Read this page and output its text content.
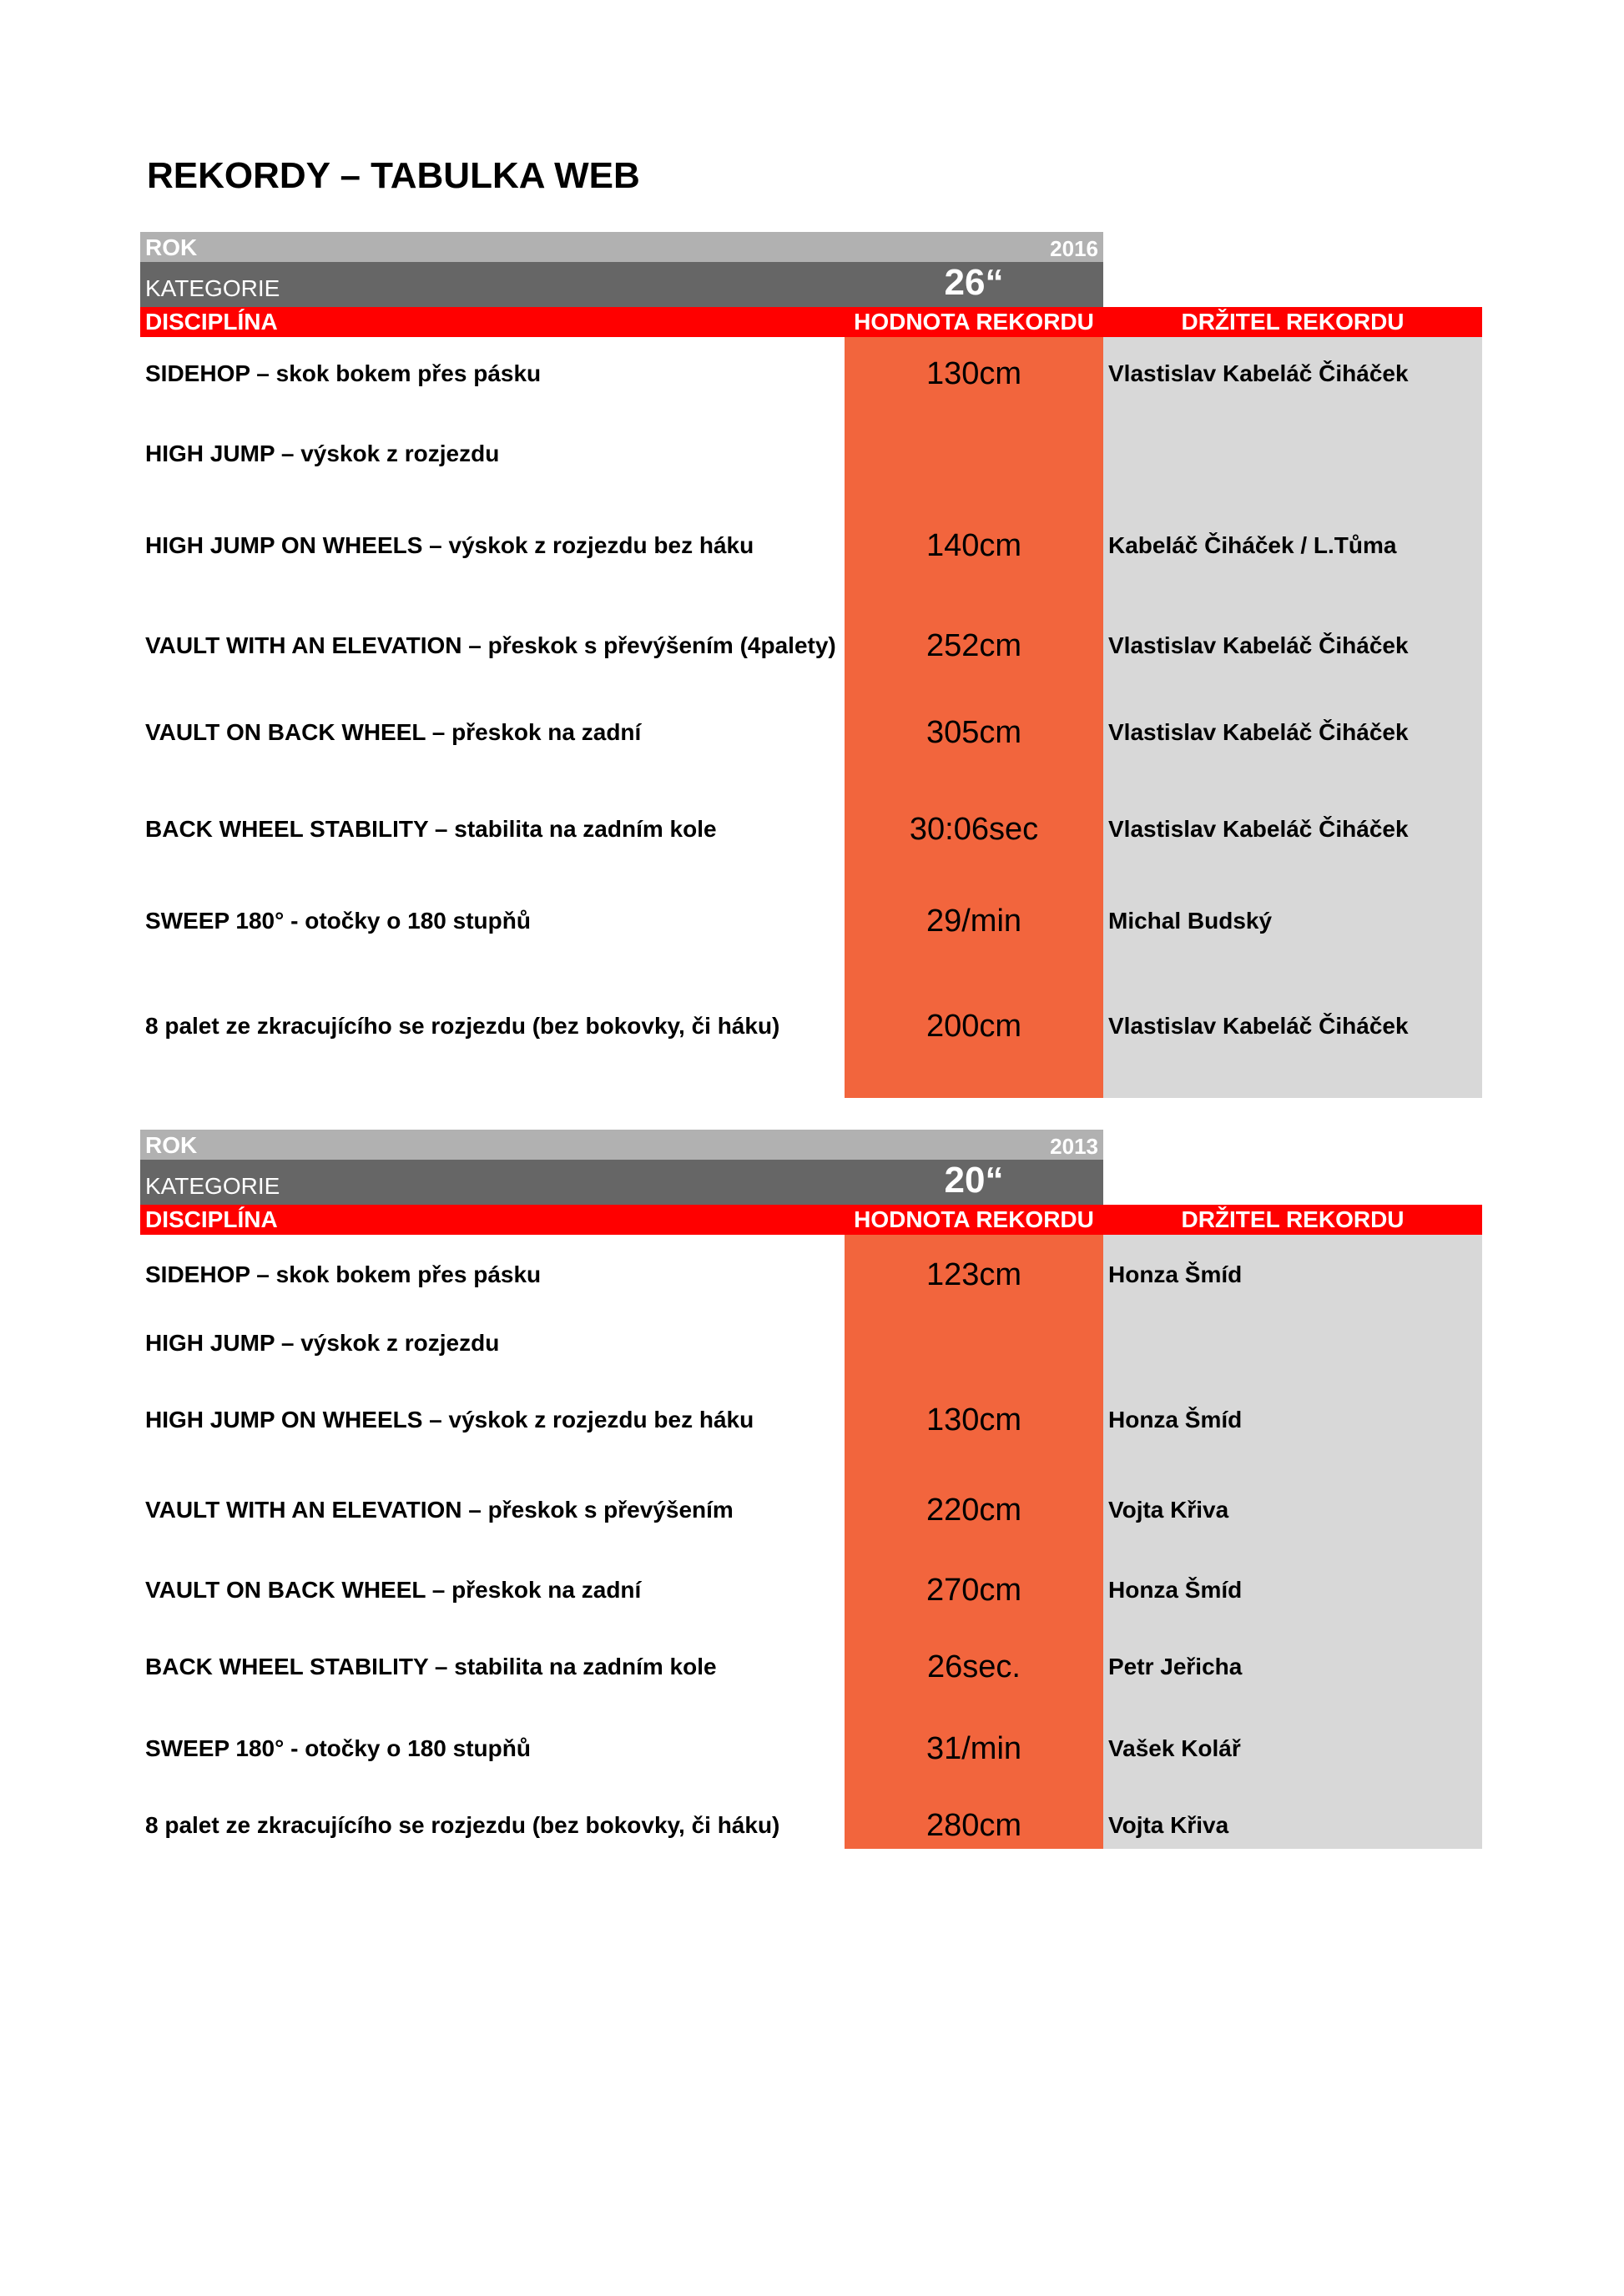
REKORDY – TABULKA WEB
ROK	2016
KATEGORIE	26“
DISCIPLÍNA	HODNOTA REKORDU	DRŽITEL REKORDU
SIDEHOP – skok bokem přes pásku	130cm	Vlastislav Kabeláč Čiháček
HIGH JUMP – výskok z rozjezdu
HIGH JUMP ON WHEELS – výskok z rozjezdu bez háku	140cm	Kabeláč Čiháček / L.Tůma
VAULT WITH AN ELEVATION – přeskok s převýšením (4palety)	252cm	Vlastislav Kabeláč Čiháček
VAULT ON BACK WHEEL – přeskok na zadní	305cm	Vlastislav Kabeláč Čiháček
BACK WHEEL STABILITY – stabilita na zadním kole	30:06sec	Vlastislav Kabeláč Čiháček
SWEEP 180° - otočky o 180 stupňů	29/min	Michal Budský
8 palet ze zkracujícího se rozjezdu (bez bokovky, či háku)	200cm	Vlastislav Kabeláč Čiháček
ROK	2013
KATEGORIE	20“
DISCIPLÍNA	HODNOTA REKORDU	DRŽITEL REKORDU
SIDEHOP – skok bokem přes pásku	123cm	Honza Šmíd
HIGH JUMP – výskok z rozjezdu
HIGH JUMP ON WHEELS – výskok z rozjezdu bez háku	130cm	Honza Šmíd
VAULT WITH AN ELEVATION – přeskok s převýšením	220cm	Vojta Křiva
VAULT ON BACK WHEEL – přeskok na zadní	270cm	Honza Šmíd
BACK WHEEL STABILITY – stabilita na zadním kole	26sec.	Petr Jeřicha
SWEEP 180° - otočky o 180 stupňů	31/min	Vašek Kolář
8 palet ze zkracujícího se rozjezdu (bez bokovky, či háku)	280cm	Vojta Křiva
